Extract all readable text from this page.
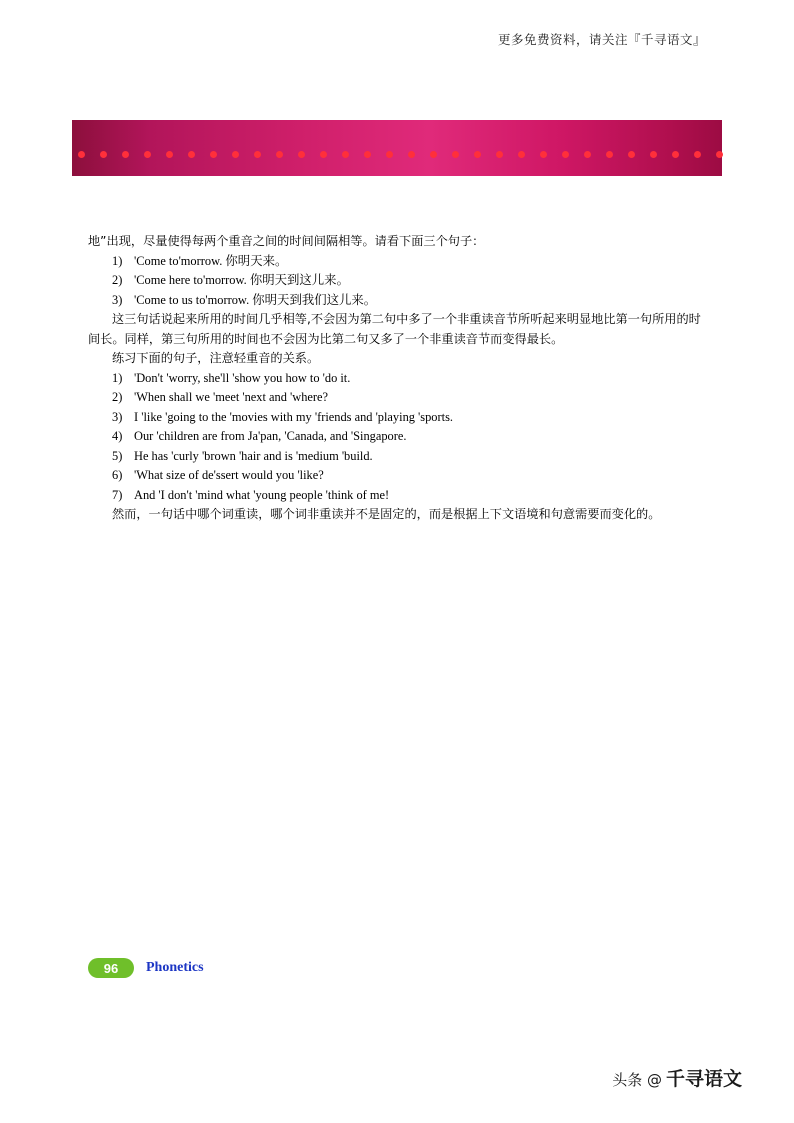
更多免费资料，请关注『千寻语文』
地”出现，尽量使得每两个重音之间的时间间隔相等。请看下面三个句子：
1) 'Come to'morrow. 你明天来。
2) 'Come here to'morrow. 你明天到这儿来。
3) 'Come to us to'morrow. 你明天到我们这儿来。
这三句话说起来所用的时间几乎相等,不会因为第二句中多了一个非重读音节所听起来明显地比第一句所用的时间长。同样，第三句所用的时间也不会因为比第二句又多了一个非重读音节而变得最长。
练习下面的句子，注意轻重音的关系。
1) 'Don't 'worry, she'll 'show you how to 'do it.
2) 'When shall we 'meet 'next and 'where?
3) I 'like 'going to the 'movies with my 'friends and 'playing 'sports.
4) Our 'children are from Ja'pan, 'Canada, and 'Singapore.
5) He has 'curly 'brown 'hair and is 'medium 'build.
6) 'What size of de'ssert would you 'like?
7) And 'I don't 'mind what 'young people 'think of me!
然而，一句话中哪个词重读，哪个词非重读并不是固定的，而是根据上下文语境和句意需要而变化的。
96	Phonetics
头条 @ 千寻语文
